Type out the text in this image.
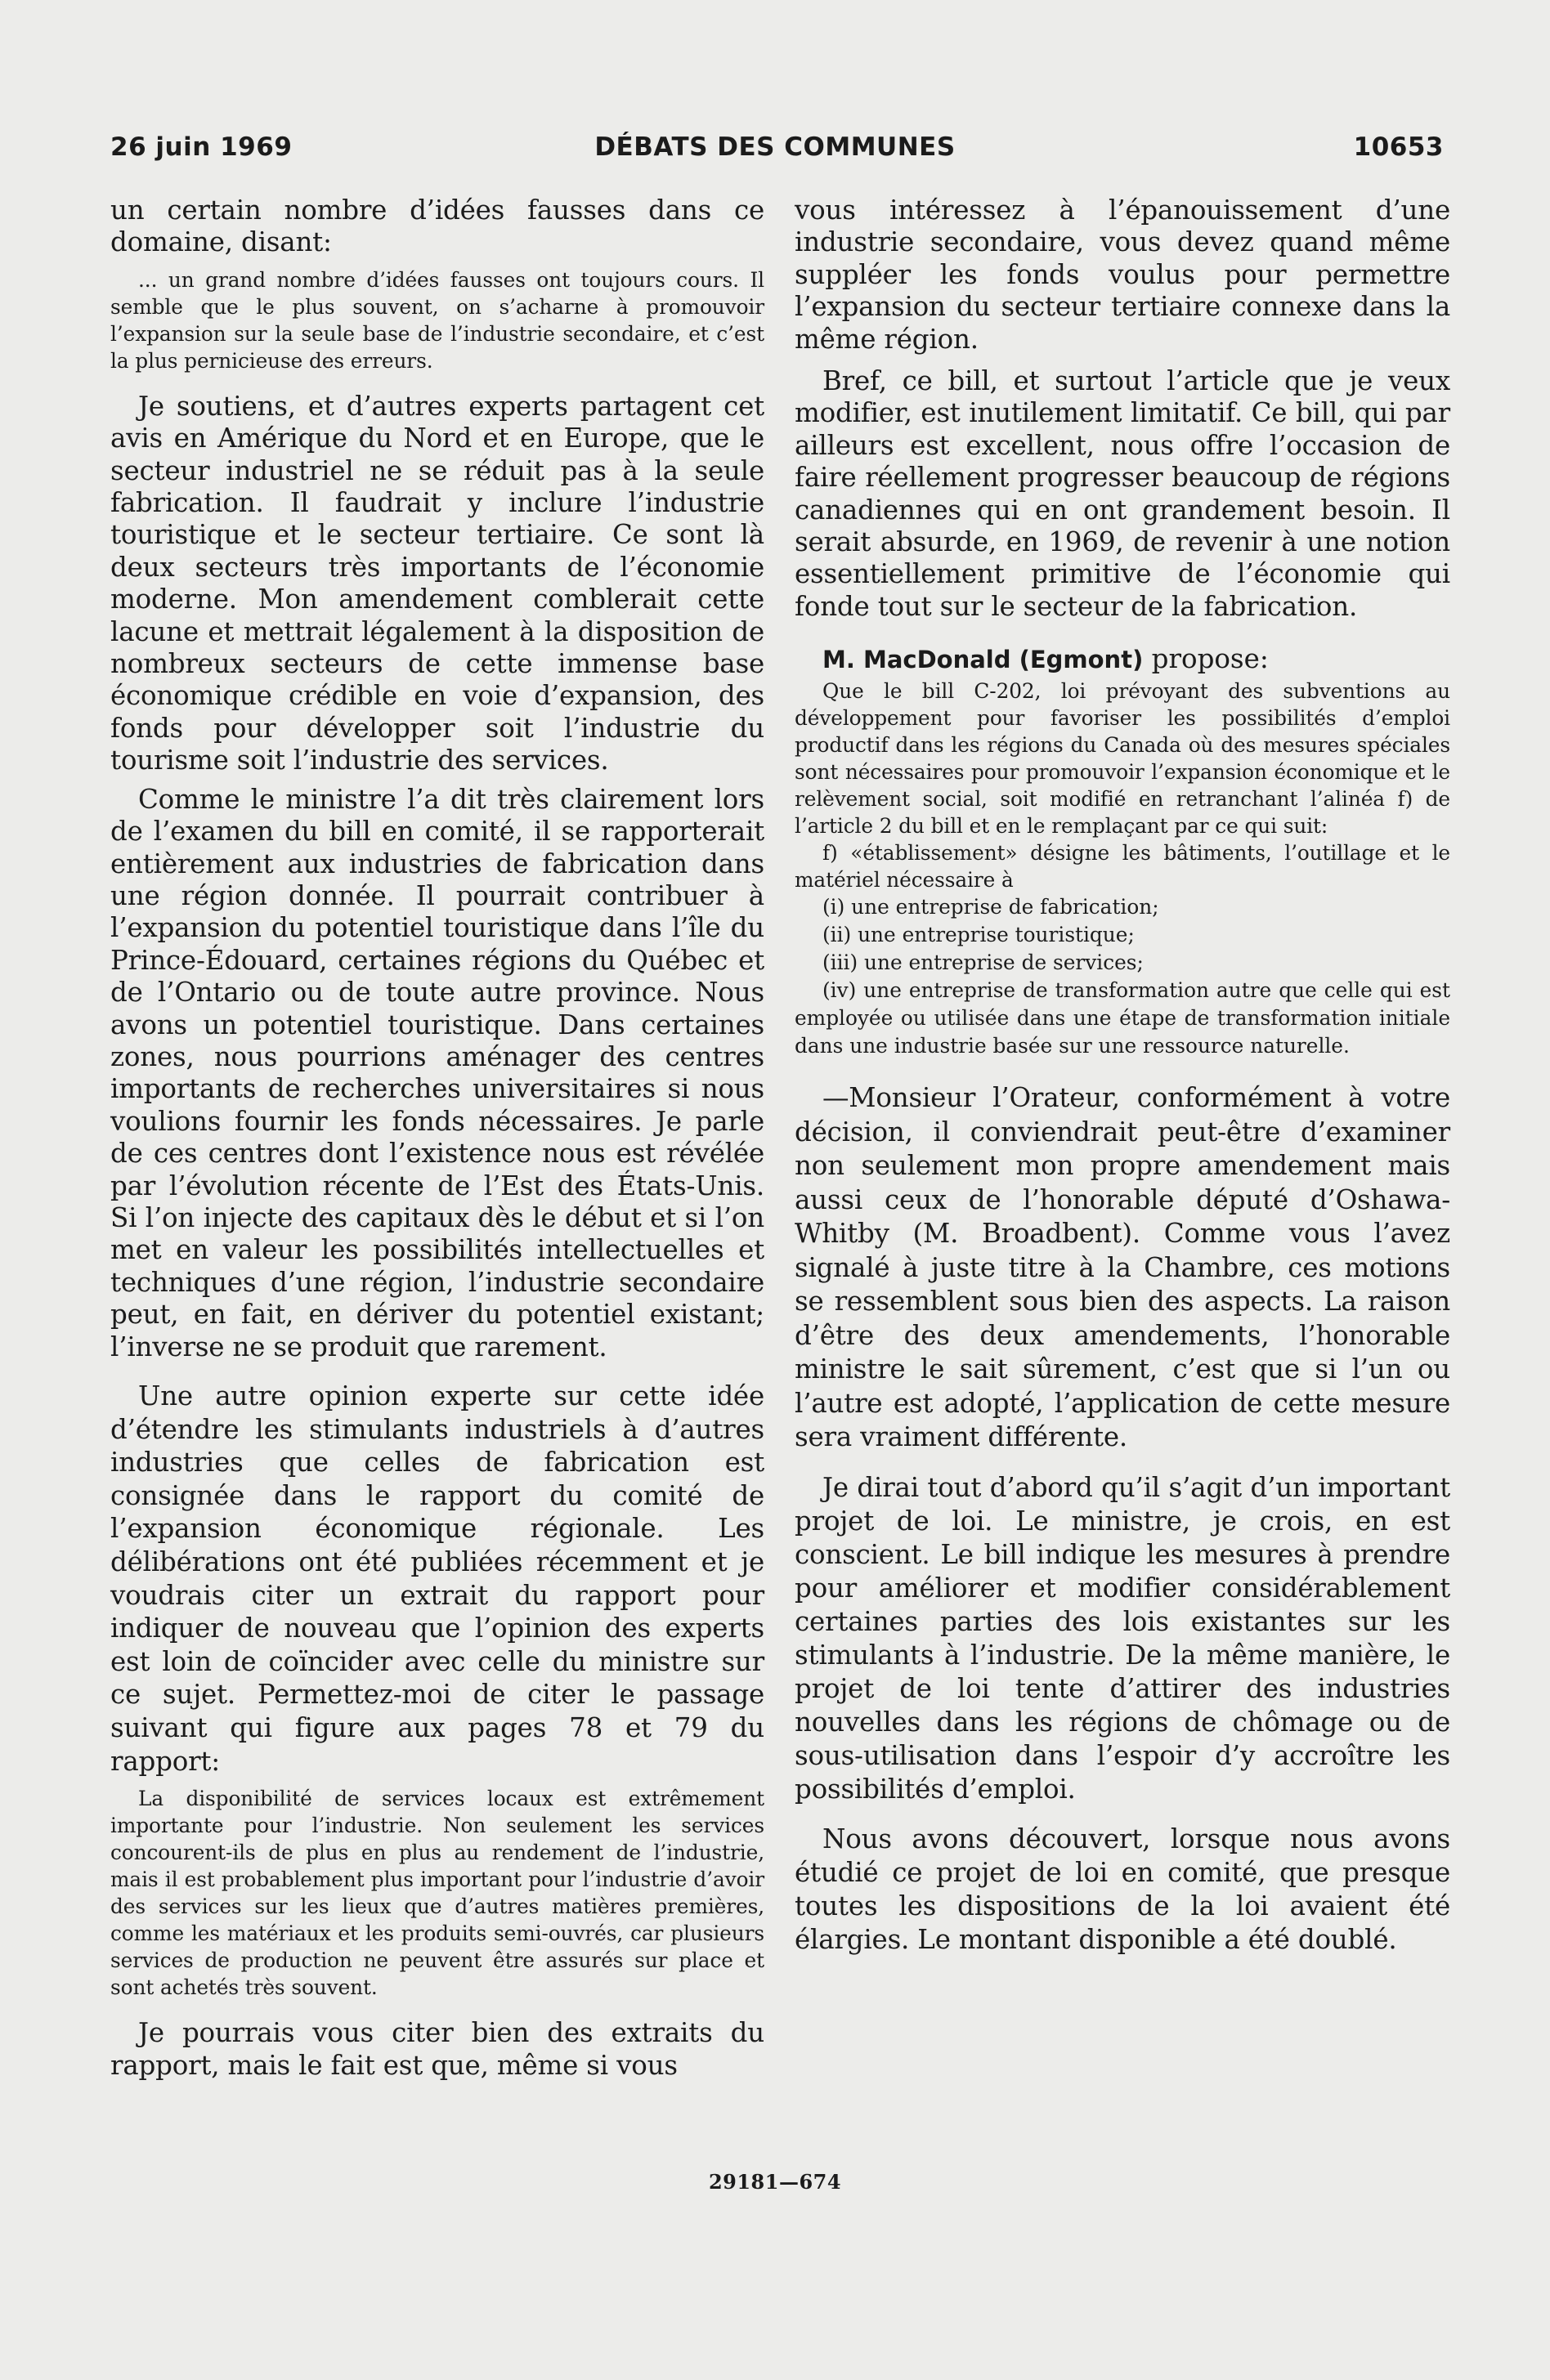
26 juin 1969	DÉBATS DES COMMUNES	10653

un certain nombre d’idées fausses dans ce domaine, disant:

... un grand nombre d’idées fausses ont toujours cours. Il semble que le plus souvent, on s’acharne à promouvoir l’expansion sur la seule base de l’industrie secondaire, et c’est la plus pernicieuse des erreurs.

Je soutiens, et d’autres experts partagent cet avis en Amérique du Nord et en Europe, que le secteur industriel ne se réduit pas à la seule fabrication. Il faudrait y inclure l’industrie touristique et le secteur tertiaire. Ce sont là deux secteurs très importants de l’économie moderne. Mon amendement comblerait cette lacune et mettrait légalement à la disposition de nombreux secteurs de cette immense base économique crédible en voie d’expansion, des fonds pour développer soit l’industrie du tourisme soit l’industrie des services.

Comme le ministre l’a dit très clairement lors de l’examen du bill en comité, il se rapporterait entièrement aux industries de fabrication dans une région donnée. Il pourrait contribuer à l’expansion du potentiel touristique dans l’île du Prince-Édouard, certaines régions du Québec et de l’Ontario ou de toute autre province. Nous avons un potentiel touristique. Dans certaines zones, nous pourrions aménager des centres importants de recherches universitaires si nous voulions fournir les fonds nécessaires. Je parle de ces centres dont l’existence nous est révélée par l’évolution récente de l’Est des États-Unis. Si l’on injecte des capitaux dès le début et si l’on met en valeur les possibilités intellectuelles et techniques d’une région, l’industrie secondaire peut, en fait, en dériver du potentiel existant; l’inverse ne se produit que rarement.

Une autre opinion experte sur cette idée d’étendre les stimulants industriels à d’autres industries que celles de fabrication est consignée dans le rapport du comité de l’expansion économique régionale. Les délibérations ont été publiées récemment et je voudrais citer un extrait du rapport pour indiquer de nouveau que l’opinion des experts est loin de coïncider avec celle du ministre sur ce sujet. Permettez-moi de citer le passage suivant qui figure aux pages 78 et 79 du rapport:

La disponibilité de services locaux est extrêmement importante pour l’industrie. Non seulement les services concourent-ils de plus en plus au rendement de l’industrie, mais il est probablement plus important pour l’industrie d’avoir des services sur les lieux que d’autres matières premières, comme les matériaux et les produits semi-ouvrés, car plusieurs services de production ne peuvent être assurés sur place et sont achetés très souvent.

Je pourrais vous citer bien des extraits du rapport, mais le fait est que, même si vous

vous intéressez à l’épanouissement d’une industrie secondaire, vous devez quand même suppléer les fonds voulus pour permettre l’expansion du secteur tertiaire connexe dans la même région.

Bref, ce bill, et surtout l’article que je veux modifier, est inutilement limitatif. Ce bill, qui par ailleurs est excellent, nous offre l’occasion de faire réellement progresser beaucoup de régions canadiennes qui en ont grandement besoin. Il serait absurde, en 1969, de revenir à une notion essentiellement primitive de l’économie qui fonde tout sur le secteur de la fabrication.

M. MacDonald (Egmont) propose:
Que le bill C-202, loi prévoyant des subventions au développement pour favoriser les possibilités d’emploi productif dans les régions du Canada où des mesures spéciales sont nécessaires pour promouvoir l’expansion économique et le relèvement social, soit modifié en retranchant l’alinéa f) de l’article 2 du bill et en le remplaçant par ce qui suit:
f) «établissement» désigne les bâtiments, l’outillage et le matériel nécessaire à
(i) une entreprise de fabrication;
(ii) une entreprise touristique;
(iii) une entreprise de services;
(iv) une entreprise de transformation autre que celle qui est employée ou utilisée dans une étape de transformation initiale dans une industrie basée sur une ressource naturelle.

—Monsieur l’Orateur, conformément à votre décision, il conviendrait peut-être d’examiner non seulement mon propre amendement mais aussi ceux de l’honorable député d’Oshawa-Whitby (M. Broadbent). Comme vous l’avez signalé à juste titre à la Chambre, ces motions se ressemblent sous bien des aspects. La raison d’être des deux amendements, l’honorable ministre le sait sûrement, c’est que si l’un ou l’autre est adopté, l’application de cette mesure sera vraiment différente.

Je dirai tout d’abord qu’il s’agit d’un important projet de loi. Le ministre, je crois, en est conscient. Le bill indique les mesures à prendre pour améliorer et modifier considérablement certaines parties des lois existantes sur les stimulants à l’industrie. De la même manière, le projet de loi tente d’attirer des industries nouvelles dans les régions de chômage ou de sous-utilisation dans l’espoir d’y accroître les possibilités d’emploi.

Nous avons découvert, lorsque nous avons étudié ce projet de loi en comité, que presque toutes les dispositions de la loi avaient été élargies. Le montant disponible a été doublé.

29181—674
